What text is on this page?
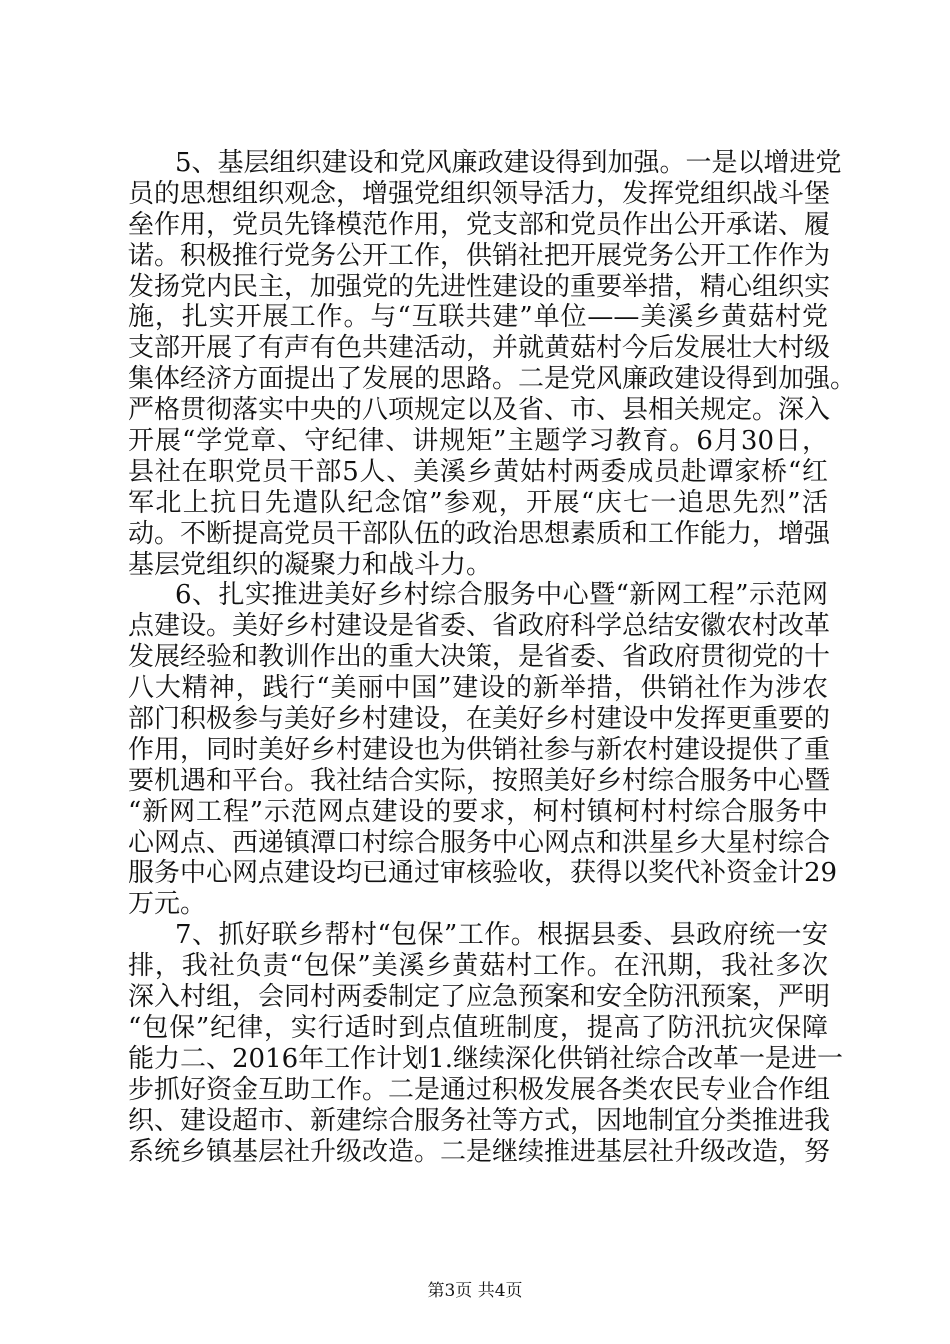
5、基层组织建设和党风廉政建设得到加强。一是以增进党
员的思想组织观念，增强党组织领导活力，发挥党组织战斗堡
垒作用，党员先锋模范作用，党支部和党员作出公开承诺、履
诺。积极推行党务公开工作，供销社把开展党务公开工作作为
发扬党内民主，加强党的先进性建设的重要举措，精心组织实
施，扎实开展工作。与“互联共建”单位——美溪乡黄菇村党
支部开展了有声有色共建活动，并就黄菇村今后发展壮大村级
集体经济方面提出了发展的思路。二是党风廉政建设得到加强。
严格贯彻落实中央的八项规定以及省、市、县相关规定。深入
开展“学党章、守纪律、讲规矩”主题学习教育。6月30日，
县社在职党员干部5人、美溪乡黄姑村两委成员赴谭家桥“红
军北上抗日先遣队纪念馆”参观，开展“庆七一追思先烈”活
动。不断提高党员干部队伍的政治思想素质和工作能力，增强
基层党组织的凝聚力和战斗力。
6、扎实推进美好乡村综合服务中心暨“新网工程”示范网
点建设。美好乡村建设是省委、省政府科学总结安徽农村改革
发展经验和教训作出的重大决策，是省委、省政府贯彻党的十
八大精神，践行“美丽中国”建设的新举措，供销社作为涉农
部门积极参与美好乡村建设，在美好乡村建设中发挥更重要的
作用，同时美好乡村建设也为供销社参与新农村建设提供了重
要机遇和平台。我社结合实际，按照美好乡村综合服务中心暨
“新网工程”示范网点建设的要求，柯村镇柯村村综合服务中
心网点、西递镇潭口村综合服务中心网点和洪星乡大星村综合
服务中心网点建设均已通过审核验收，获得以奖代补资金计29
万元。
7、抓好联乡帮村“包保”工作。根据县委、县政府统一安
排，我社负责“包保”美溪乡黄菇村工作。在汛期，我社多次
深入村组，会同村两委制定了应急预案和安全防汛预案，严明
“包保”纪律，实行适时到点值班制度，提高了防汛抗灾保障
能力二、2016年工作计划1.继续深化供销社综合改革一是进一
步抓好资金互助工作。二是通过积极发展各类农民专业合作组
织、建设超市、新建综合服务社等方式，因地制宜分类推进我
系统乡镇基层社升级改造。二是继续推进基层社升级改造，努
第3页 共4页
